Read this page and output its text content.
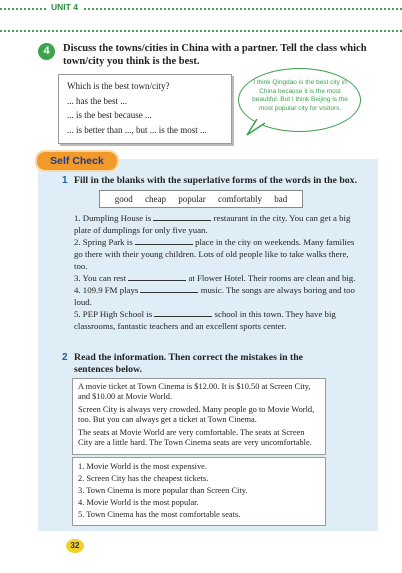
UNIT 4
4	Discuss the towns/cities in China with a partner. Tell the class which town/city you think is the best.
Which is the best town/city?
... has the best ...
... is the best because ...
... is better than ..., but ... is the most ...
I think Qingdao is the best city in China because it is the most beautiful. But I think Beijing is the most popular city for visitors.
Self Check
1 Fill in the blanks with the superlative forms of the words in the box.
good cheap popular comfortably bad

1. Dumpling House is	restaurant in the city. You can get a big plate of dumplings for only five yuan.

2. Spring Park is	place in the city on weekends. Many families go there with their young children. Lots of old people like to take walks there, too.

3. You can rest	at Flower Hotel. Their rooms are clean and big.

4. 109.9 FM plays	music. The songs are always boring and too loud.

5. PEP High School is	school in this town. They have big classrooms, fantastic teachers and an excellent sports center.

2 Read the information. Then correct the mistakes in the sentences below.

A movie ticket at Town Cinema is $12.00. It is $10.50 at Screen City, and $10.00 at Movie World.

Screen City is always very crowded. Many people go to Movie World, too. But you can always get a ticket at Town Cinema.

The seats at Movie World are very comfortable. The seats at Screen City are a little hard. The Town Cinema seats are very uncomfortable.

1. Movie World is the most expensive.
2. Screen City has the cheapest tickets.
3. Town Cinema is more popular than Screen City.
4. Movie World is the most popular.
5. Town Cinema has the most comfortable seats.
32
